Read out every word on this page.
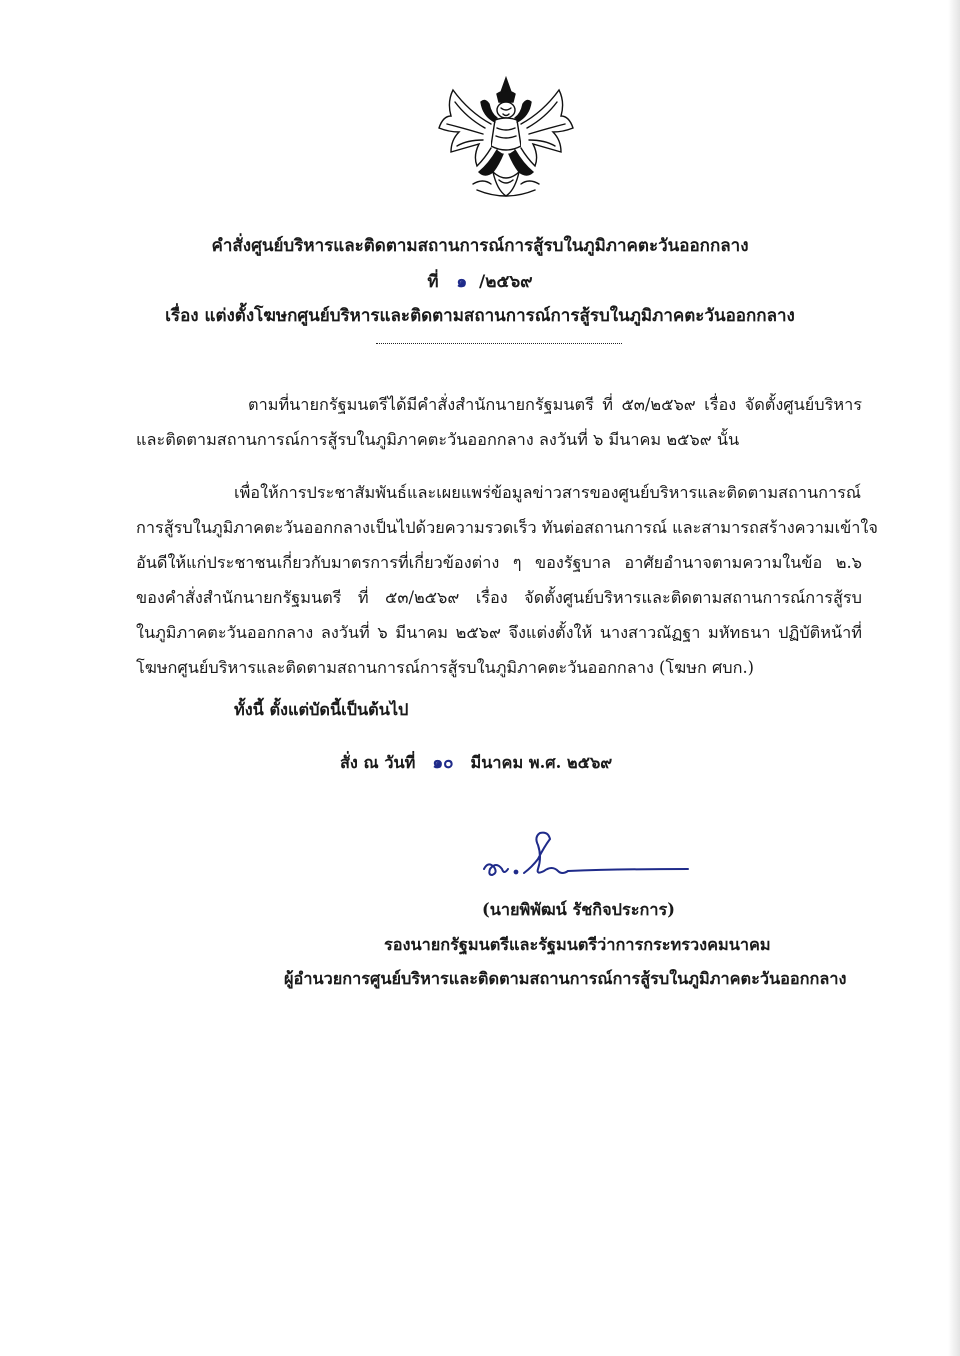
คำสั่งศูนย์บริหารและติดตามสถานการณ์การสู้รบในภูมิภาคตะวันออกกลาง
ที่ ๑ /๒๕๖๙
เรื่อง แต่งตั้งโฆษกศูนย์บริหารและติดตามสถานการณ์การสู้รบในภูมิภาคตะวันออกกลาง
ตามที่นายกรัฐมนตรีได้มีคำสั่งสำนักนายกรัฐมนตรี ที่ ๕๓/๒๕๖๙ เรื่อง จัดตั้งศูนย์บริหาร
และติดตามสถานการณ์การสู้รบในภูมิภาคตะวันออกกลาง ลงวันที่ ๖ มีนาคม ๒๕๖๙ นั้น
เพื่อให้การประชาสัมพันธ์และเผยแพร่ข้อมูลข่าวสารของศูนย์บริหารและติดตามสถานการณ์
การสู้รบในภูมิภาคตะวันออกกลางเป็นไปด้วยความรวดเร็ว ทันต่อสถานการณ์ และสามารถสร้างความเข้าใจ
อันดีให้แก่ประชาชนเกี่ยวกับมาตรการที่เกี่ยวข้องต่าง ๆ ของรัฐบาล อาศัยอำนาจตามความในข้อ ๒.๖
ของคำสั่งสำนักนายกรัฐมนตรี ที่ ๕๓/๒๕๖๙ เรื่อง จัดตั้งศูนย์บริหารและติดตามสถานการณ์การสู้รบ
ในภูมิภาคตะวันออกกลาง ลงวันที่ ๖ มีนาคม ๒๕๖๙ จึงแต่งตั้งให้ นางสาวณัฏฐา มหัทธนา ปฏิบัติหน้าที่
โฆษกศูนย์บริหารและติดตามสถานการณ์การสู้รบในภูมิภาคตะวันออกกลาง (โฆษก ศบก.)
ทั้งนี้ ตั้งแต่บัดนี้เป็นต้นไป
สั่ง ณ วันที่ ๑๐ มีนาคม พ.ศ. ๒๕๖๙
(นายพิพัฒน์ รัชกิจประการ)
รองนายกรัฐมนตรีและรัฐมนตรีว่าการกระทรวงคมนาคม
ผู้อำนวยการศูนย์บริหารและติดตามสถานการณ์การสู้รบในภูมิภาคตะวันออกกลาง
